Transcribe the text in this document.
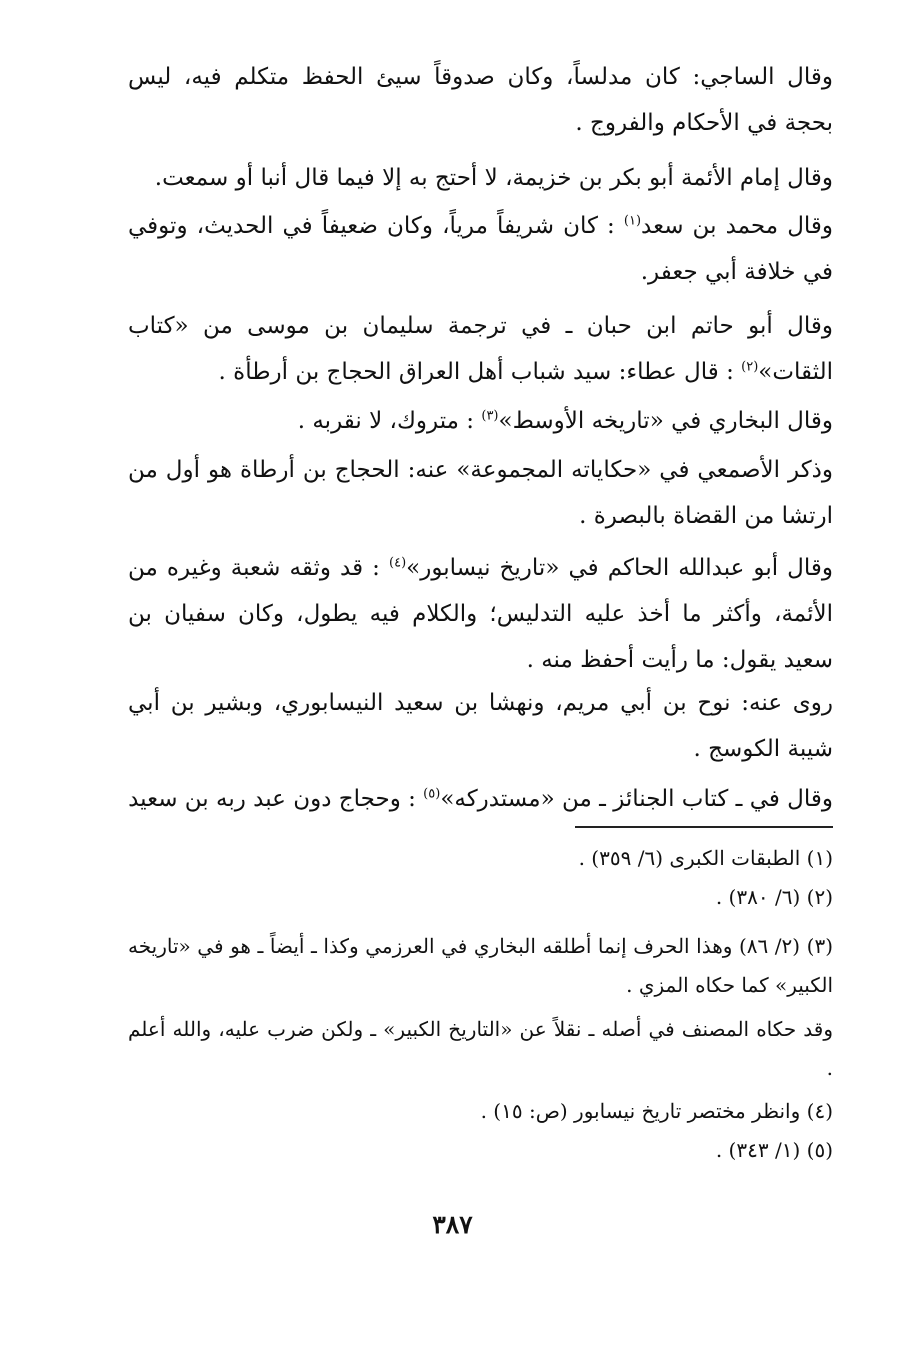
وقال الساجي: كان مدلساً، وكان صدوقاً سيئ الحفظ متكلم فيه، ليس بحجة في الأحكام والفروج .

وقال إمام الأئمة أبو بكر بن خزيمة، لا أحتج به إلا فيما قال أنبا أو سمعت.

وقال محمد بن سعد$^{(١)}$ : كان شريفاً مرياً، وكان ضعيفاً في الحديث، وتوفي في خلافة أبي جعفر.

وقال أبو حاتم ابن حبان ـ في ترجمة سليمان بن موسى من «كتاب الثقات»$^{(٢)}$ : قال عطاء: سيد شباب أهل العراق الحجاج بن أرطأة .

وقال البخاري في «تاريخه الأوسط»$^{(٣)}$ : متروك، لا نقربه .

وذكر الأصمعي في «حكاياته المجموعة» عنه: الحجاج بن أرطاة هو أول من ارتشا من القضاة بالبصرة .

وقال أبو عبدالله الحاكم في «تاريخ نيسابور»$^{(٤)}$ : قد وثقه شعبة وغيره من الأئمة، وأكثر ما أخذ عليه التدليس؛ والكلام فيه يطول، وكان سفيان بن سعيد يقول: ما رأيت أحفظ منه .

روى عنه: نوح بن أبي مريم، ونهشا بن سعيد النيسابوري، وبشير بن أبي شيبة الكوسج .

وقال في ـ كتاب الجنائز ـ من «مستدركه»$^{(٥)}$ : وحجاج دون عبد ربه بن سعيد

(١) الطبقات الكبرى (٦/ ٣٥٩) .

(٢) (٦/ ٣٨٠) .

(٣) (٢/ ٨٦) وهذا الحرف إنما أطلقه البخاري في العرزمي وكذا ـ أيضاً ـ هو في «تاريخه الكبير» كما حكاه المزي .

وقد حكاه المصنف في أصله ـ نقلاً عن «التاريخ الكبير» ـ ولكن ضرب عليه، والله أعلم .

(٤) وانظر مختصر تاريخ نيسابور (ص: ١٥) .

(٥) (١/ ٣٤٣) .

٣٨٧
